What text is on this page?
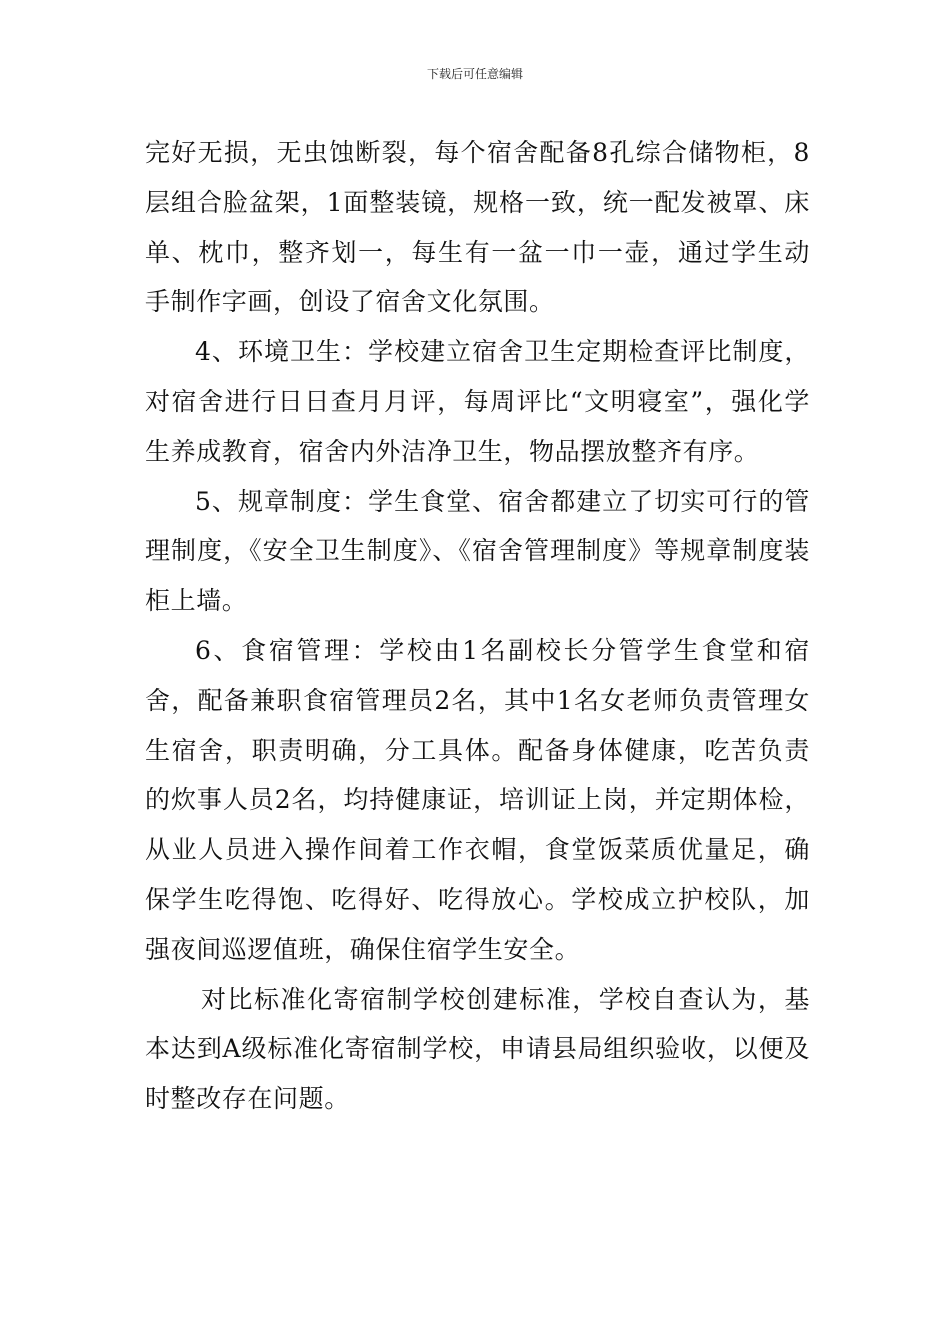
下载后可任意编辑

完好无损，无虫蚀断裂，每个宿舍配备8孔综合储物柜，8层组合脸盆架，1面整装镜，规格一致，统一配发被罩、床单、枕巾，整齐划一，每生有一盆一巾一壶，通过学生动手制作字画，创设了宿舍文化氛围。

4、环境卫生：学校建立宿舍卫生定期检查评比制度，对宿舍进行日日查月月评，每周评比“文明寝室”，强化学生养成教育，宿舍内外洁净卫生，物品摆放整齐有序。

5、规章制度：学生食堂、宿舍都建立了切实可行的管理制度，《安全卫生制度》、《宿舍管理制度》等规章制度装柜上墙。

6、食宿管理：学校由1名副校长分管学生食堂和宿舍，配备兼职食宿管理员2名，其中1名女老师负责管理女生宿舍，职责明确，分工具体。配备身体健康，吃苦负责的炊事人员2名，均持健康证，培训证上岗，并定期体检，从业人员进入操作间着工作衣帽，食堂饭菜质优量足，确保学生吃得饱、吃得好、吃得放心。学校成立护校队，加强夜间巡逻值班，确保住宿学生安全。

对比标准化寄宿制学校创建标准，学校自查认为，基本达到A级标准化寄宿制学校，申请县局组织验收，以便及时整改存在问题。
